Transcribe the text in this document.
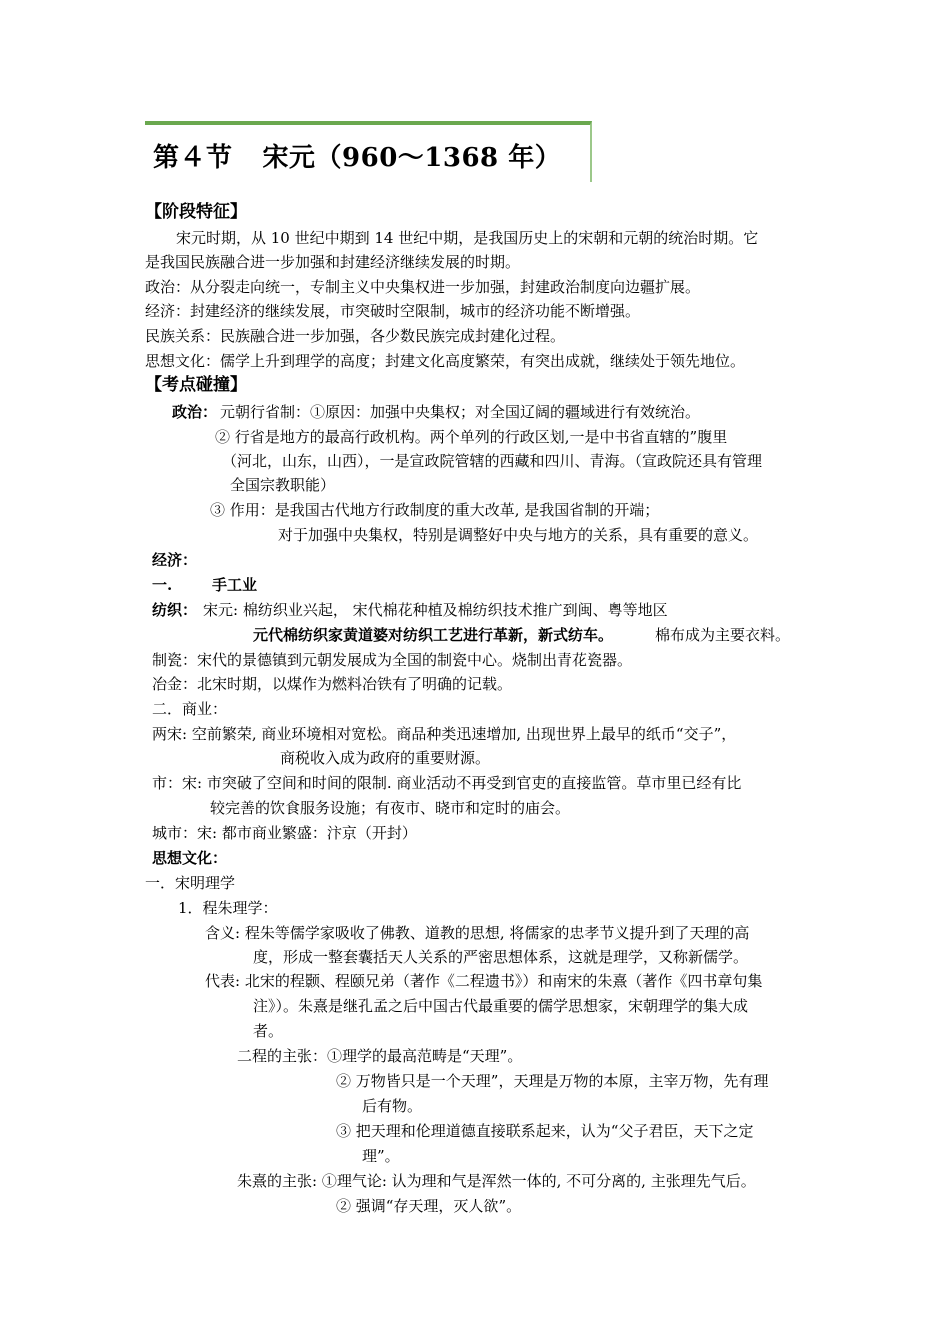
第４节 宋元（960～1368 年）
【阶段特征】
宋元时期，从 10 世纪中期到 14 世纪中期，是我国历史上的宋朝和元朝的统治时期。它
是我国民族融合进一步加强和封建经济继续发展的时期。
政治：从分裂走向统一，专制主义中央集权进一步加强，封建政治制度向边疆扩展。
经济：封建经济的继续发展，市突破时空限制，城市的经济功能不断增强。
民族关系：民族融合进一步加强，各少数民族完成封建化过程。
思想文化：儒学上升到理学的高度；封建文化高度繁荣，有突出成就，继续处于领先地位。
【考点碰撞】
政治： 元朝行省制：①原因：加强中央集权；对全国辽阔的疆域进行有效统治。
② 行省是地方的最高行政机构。两个单列的行政区划,一是中书省直辖的”腹里
（河北，山东，山西），一是宣政院管辖的西藏和四川、青海。（宣政院还具有管理
全国宗教职能）
③ 作用：是我国古代地方行政制度的重大改革, 是我国省制的开端；
对于加强中央集权，特别是调整好中央与地方的关系，具有重要的意义。
经济：
一.	手工业
纺织： 宋元: 棉纺织业兴起， 宋代棉花种植及棉纺织技术推广到闽、粤等地区
元代棉纺织家黄道婆对纺织工艺进行革新，新式纺车。	棉布成为主要衣料。
制瓷：宋代的景德镇到元朝发展成为全国的制瓷中心。烧制出青花瓷器。
冶金：北宋时期，以煤作为燃料冶铁有了明确的记载。
二．商业：
两宋: 空前繁荣, 商业环境相对宽松。商品种类迅速增加, 出现世界上最早的纸币“交子”，
商税收入成为政府的重要财源。
市：宋: 市突破了空间和时间的限制. 商业活动不再受到官吏的直接监管。草市里已经有比
较完善的饮食服务设施；有夜市、晓市和定时的庙会。
城市：宋: 都市商业繁盛：汴京（开封）
思想文化：
一．宋明理学
1．程朱理学：
含义: 程朱等儒学家吸收了佛教、道教的思想, 将儒家的忠孝节义提升到了天理的高
度，形成一整套囊括天人关系的严密思想体系，这就是理学，又称新儒学。
代表: 北宋的程颢、程颐兄弟（著作《二程遗书》）和南宋的朱熹（著作《四书章句集
注》）。朱熹是继孔孟之后中国古代最重要的儒学思想家，宋朝理学的集大成
者。
二程的主张：①理学的最高范畴是“天理”。
② 万物皆只是一个天理”，天理是万物的本原，主宰万物，先有理
后有物。
③ 把天理和伦理道德直接联系起来，认为“父子君臣，天下之定
理”。
朱熹的主张: ①理气论: 认为理和气是浑然一体的, 不可分离的, 主张理先气后。
② 强调“存天理，灭人欲”。
